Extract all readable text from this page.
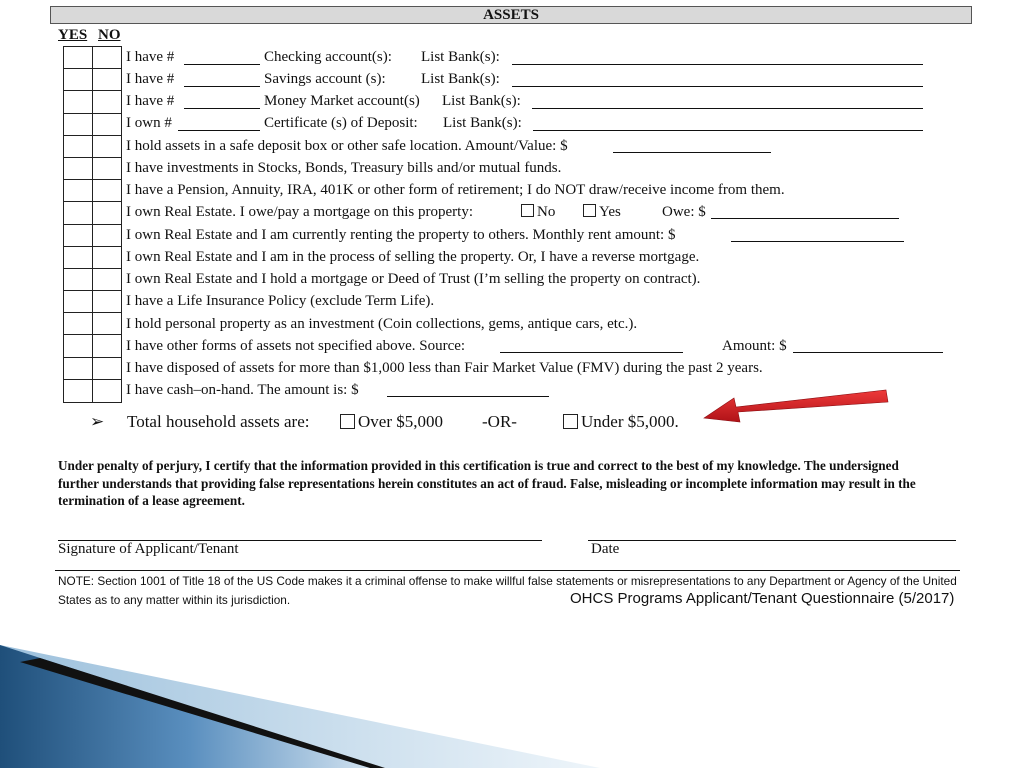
ASSETS
YES NO
I have #	Checking account(s): List Bank(s):
I have #	Savings account (s): List Bank(s):
I have #	Money Market account(s) List Bank(s):
I own #	Certificate (s) of Deposit: List Bank(s):
I hold assets in a safe deposit box or other safe location. Amount/Value: $
I have investments in Stocks, Bonds, Treasury bills and/or mutual funds.
I have a Pension, Annuity, IRA, 401K or other form of retirement; I do NOT draw/receive income from them.
I own Real Estate. I owe/pay a mortgage on this property:	No	Yes	Owe: $
I own Real Estate and I am currently renting the property to others. Monthly rent amount: $
I own Real Estate and I am in the process of selling the property. Or, I have a reverse mortgage.
I own Real Estate and I hold a mortgage or Deed of Trust (I’m selling the property on contract).
I have a Life Insurance Policy (exclude Term Life).
I hold personal property as an investment (Coin collections, gems, antique cars, etc.).
I have other forms of assets not specified above. Source:	Amount: $
I have disposed of assets for more than $1,000 less than Fair Market Value (FMV) during the past 2 years.
I have cash–on-hand. The amount is: $
➢ Total household assets are:	Over $5,000 -OR-	Under $5,000.
Under penalty of perjury, I certify that the information provided in this certification is true and correct to the best of my knowledge. The undersigned further understands that providing false representations herein constitutes an act of fraud. False, misleading or incomplete information may result in the termination of a lease agreement.
Signature of Applicant/Tenant	Date
NOTE: Section 1001 of Title 18 of the US Code makes it a criminal offense to make willful false statements or misrepresentations to any Department or Agency of the United States as to any matter within its jurisdiction.	OHCS Programs Applicant/Tenant Questionnaire (5/2017)
